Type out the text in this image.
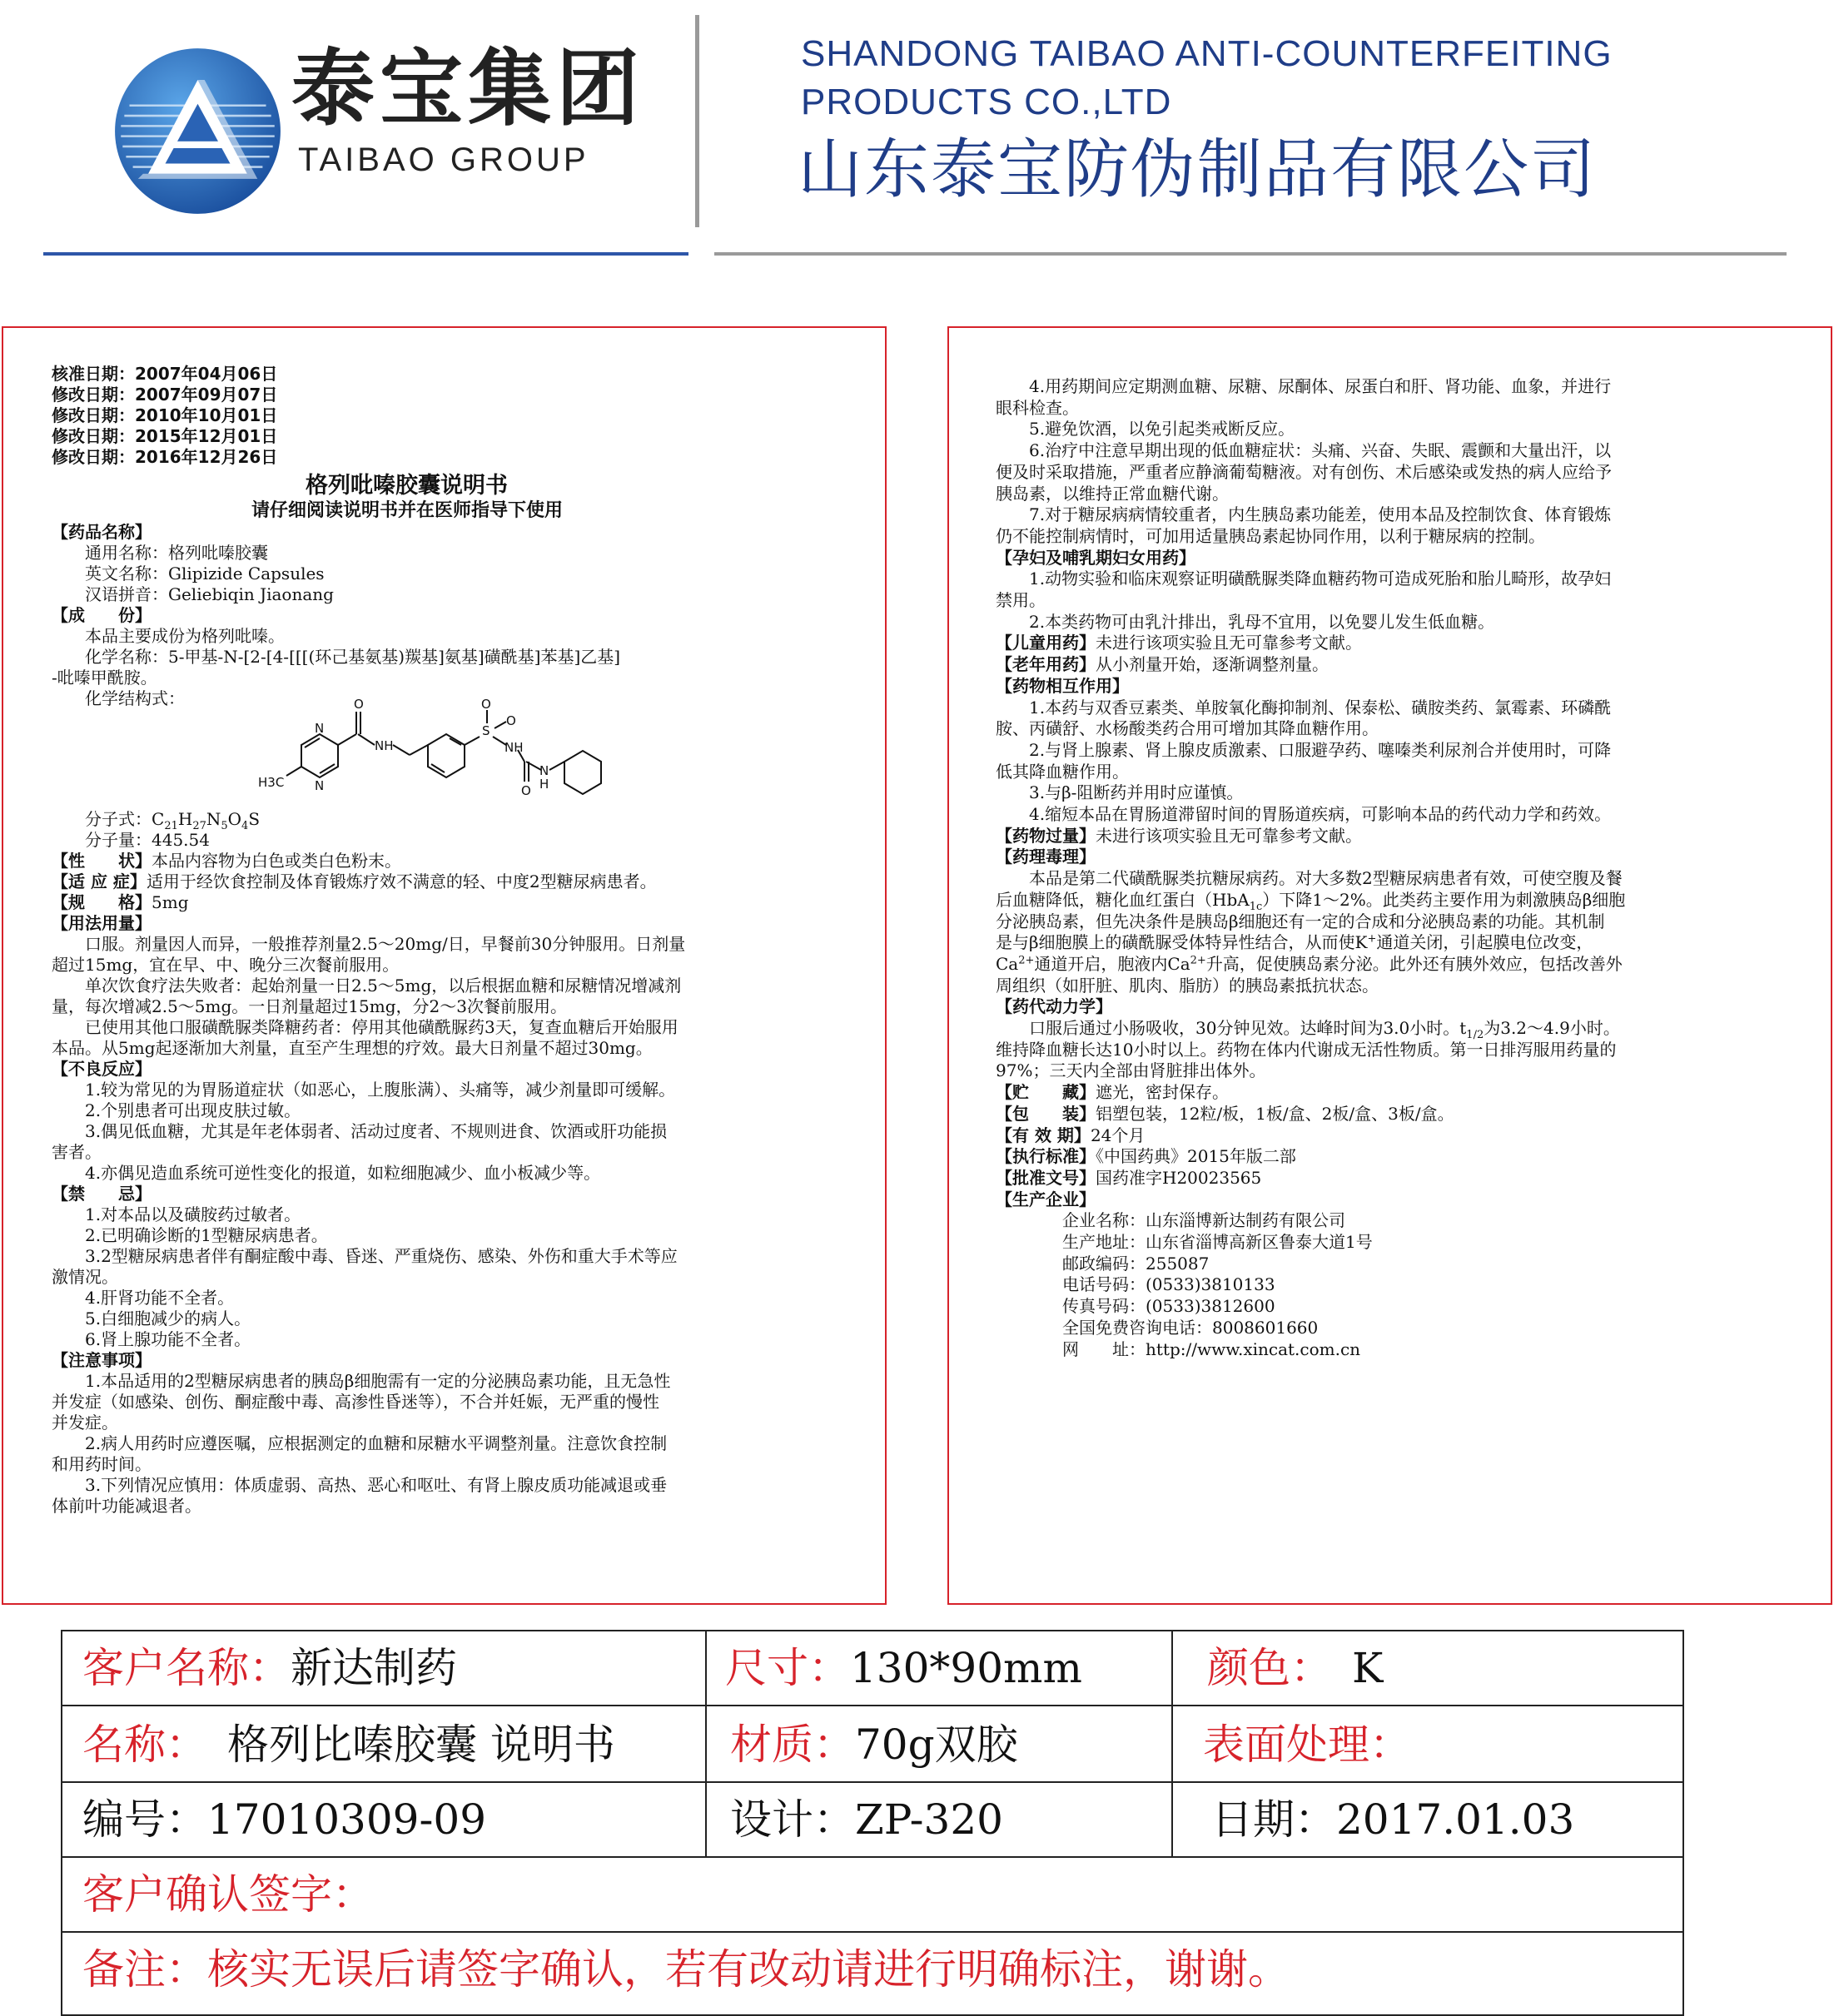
泰宝集团
TAIBAO GROUP
SHANDONG TAIBAO ANTI-COUNTERFEITING
PRODUCTS CO.,LTD
山东泰宝防伪制品有限公司
O
N
N
H3C
NH
S
O
O
NH
O
N
H
客户名称：新达制药	尺寸：130*90mm	颜色： K
名称： 格列比嗪胶囊 说明书	材质：70g双胶	表面处理：
编号：17010309-09	设计：ZP-320	日期：2017.01.03
客户确认签字：
备注：核实无误后请签字确认，若有改动请进行明确标注，谢谢。
核准日期：2007年04月06日
修改日期：2007年09月07日
修改日期：2010年10月01日
修改日期：2015年12月01日
修改日期：2016年12月26日
格列吡嗪胶囊说明书
请仔细阅读说明书并在医师指导下使用
【药品名称】
　　通用名称：格列吡嗪胶囊
　　英文名称：Glipizide Capsules
　　汉语拼音：Geliebiqin Jiaonang
【成　　份】
　　本品主要成份为格列吡嗪。
　　化学名称：5-甲基-N-[2-[4-[[[(环己基氨基)羰基]氨基]磺酰基]苯基]乙基]
-吡嗪甲酰胺。
　　化学结构式：
　　分子式：$C_{21}H_{27}N_5O_4S$
　　分子量：445.54
【性　　状】本品内容物为白色或类白色粉末。
【适 应 症】适用于经饮食控制及体育锻炼疗效不满意的轻、中度2型糖尿病患者。
【规　　格】5mg
【用法用量】
　　口服。剂量因人而异，一般推荐剂量2.5～20mg/日，早餐前30分钟服用。日剂量
超过15mg，宜在早、中、晚分三次餐前服用。
　　单次饮食疗法失败者：起始剂量一日2.5～5mg，以后根据血糖和尿糖情况增减剂
量，每次增减2.5～5mg。一日剂量超过15mg，分2～3次餐前服用。
　　已使用其他口服磺酰脲类降糖药者：停用其他磺酰脲药3天，复查血糖后开始服用
本品。从5mg起逐渐加大剂量，直至产生理想的疗效。最大日剂量不超过30mg。
【不良反应】
　　1.较为常见的为胃肠道症状（如恶心，上腹胀满）、头痛等，减少剂量即可缓解。
　　2.个别患者可出现皮肤过敏。
　　3.偶见低血糖，尤其是年老体弱者、活动过度者、不规则进食、饮酒或肝功能损
害者。
　　4.亦偶见造血系统可逆性变化的报道，如粒细胞减少、血小板减少等。
【禁　　忌】
　　1.对本品以及磺胺药过敏者。
　　2.已明确诊断的1型糖尿病患者。
　　3.2型糖尿病患者伴有酮症酸中毒、昏迷、严重烧伤、感染、外伤和重大手术等应
激情况。
　　4.肝肾功能不全者。
　　5.白细胞减少的病人。
　　6.肾上腺功能不全者。
【注意事项】
　　1.本品适用的2型糖尿病患者的胰岛β细胞需有一定的分泌胰岛素功能，且无急性
并发症（如感染、创伤、酮症酸中毒、高渗性昏迷等），不合并妊娠，无严重的慢性
并发症。
　　2.病人用药时应遵医嘱，应根据测定的血糖和尿糖水平调整剂量。注意饮食控制
和用药时间。
　　3.下列情况应慎用：体质虚弱、高热、恶心和呕吐、有肾上腺皮质功能减退或垂
体前叶功能减退者。
　　4.用药期间应定期测血糖、尿糖、尿酮体、尿蛋白和肝、肾功能、血象，并进行
眼科检查。
　　5.避免饮酒，以免引起类戒断反应。
　　6.治疗中注意早期出现的低血糖症状：头痛、兴奋、失眠、震颤和大量出汗，以
便及时采取措施，严重者应静滴葡萄糖液。对有创伤、术后感染或发热的病人应给予
胰岛素，以维持正常血糖代谢。
　　7.对于糖尿病病情较重者，内生胰岛素功能差，使用本品及控制饮食、体育锻炼
仍不能控制病情时，可加用适量胰岛素起协同作用，以利于糖尿病的控制。
【孕妇及哺乳期妇女用药】
　　1.动物实验和临床观察证明磺酰脲类降血糖药物可造成死胎和胎儿畸形，故孕妇
禁用。
　　2.本类药物可由乳汁排出，乳母不宜用，以免婴儿发生低血糖。
【儿童用药】未进行该项实验且无可靠参考文献。
【老年用药】从小剂量开始，逐渐调整剂量。
【药物相互作用】
　　1.本药与双香豆素类、单胺氧化酶抑制剂、保泰松、磺胺类药、氯霉素、环磷酰
胺、丙磺舒、水杨酸类药合用可增加其降血糖作用。
　　2.与肾上腺素、肾上腺皮质激素、口服避孕药、噻嗪类利尿剂合并使用时，可降
低其降血糖作用。
　　3.与β-阻断药并用时应谨慎。
　　4.缩短本品在胃肠道滞留时间的胃肠道疾病，可影响本品的药代动力学和药效。
【药物过量】未进行该项实验且无可靠参考文献。
【药理毒理】
　　本品是第二代磺酰脲类抗糖尿病药。对大多数2型糖尿病患者有效，可使空腹及餐
后血糖降低，糖化血红蛋白（HbA$_{1c}$）下降1～2%。此类药主要作用为刺激胰岛β细胞
分泌胰岛素，但先决条件是胰岛β细胞还有一定的合成和分泌胰岛素的功能。其机制
是与β细胞膜上的磺酰脲受体特异性结合，从而使K+通道关闭，引起膜电位改变，
$Ca^{2+}$通道开启，胞液内$Ca^{2+}$升高，促使胰岛素分泌。此外还有胰外效应，包括改善外
周组织（如肝脏、肌肉、脂肪）的胰岛素抵抗状态。
【药代动力学】
　　口服后通过小肠吸收，30分钟见效。达峰时间为3.0小时。$t_{1/2}$为3.2～4.9小时。
维持降血糖长达10小时以上。药物在体内代谢成无活性物质。第一日排泻服用药量的
97%；三天内全部由肾脏排出体外。
【贮　　藏】遮光，密封保存。
【包　　装】铝塑包装，12粒/板，1板/盒、2板/盒、3板/盒。
【有 效 期】24个月
【执行标准】《中国药典》2015年版二部
【批准文号】国药准字H20023565
【生产企业】
　　　　企业名称：山东淄博新达制药有限公司
　　　　生产地址：山东省淄博高新区鲁泰大道1号
　　　　邮政编码：255087
　　　　电话号码：(0533)3810133
　　　　传真号码：(0533)3812600
　　　　全国免费咨询电话：8008601660
　　　　网　　址：http://www.xincat.com.cn
